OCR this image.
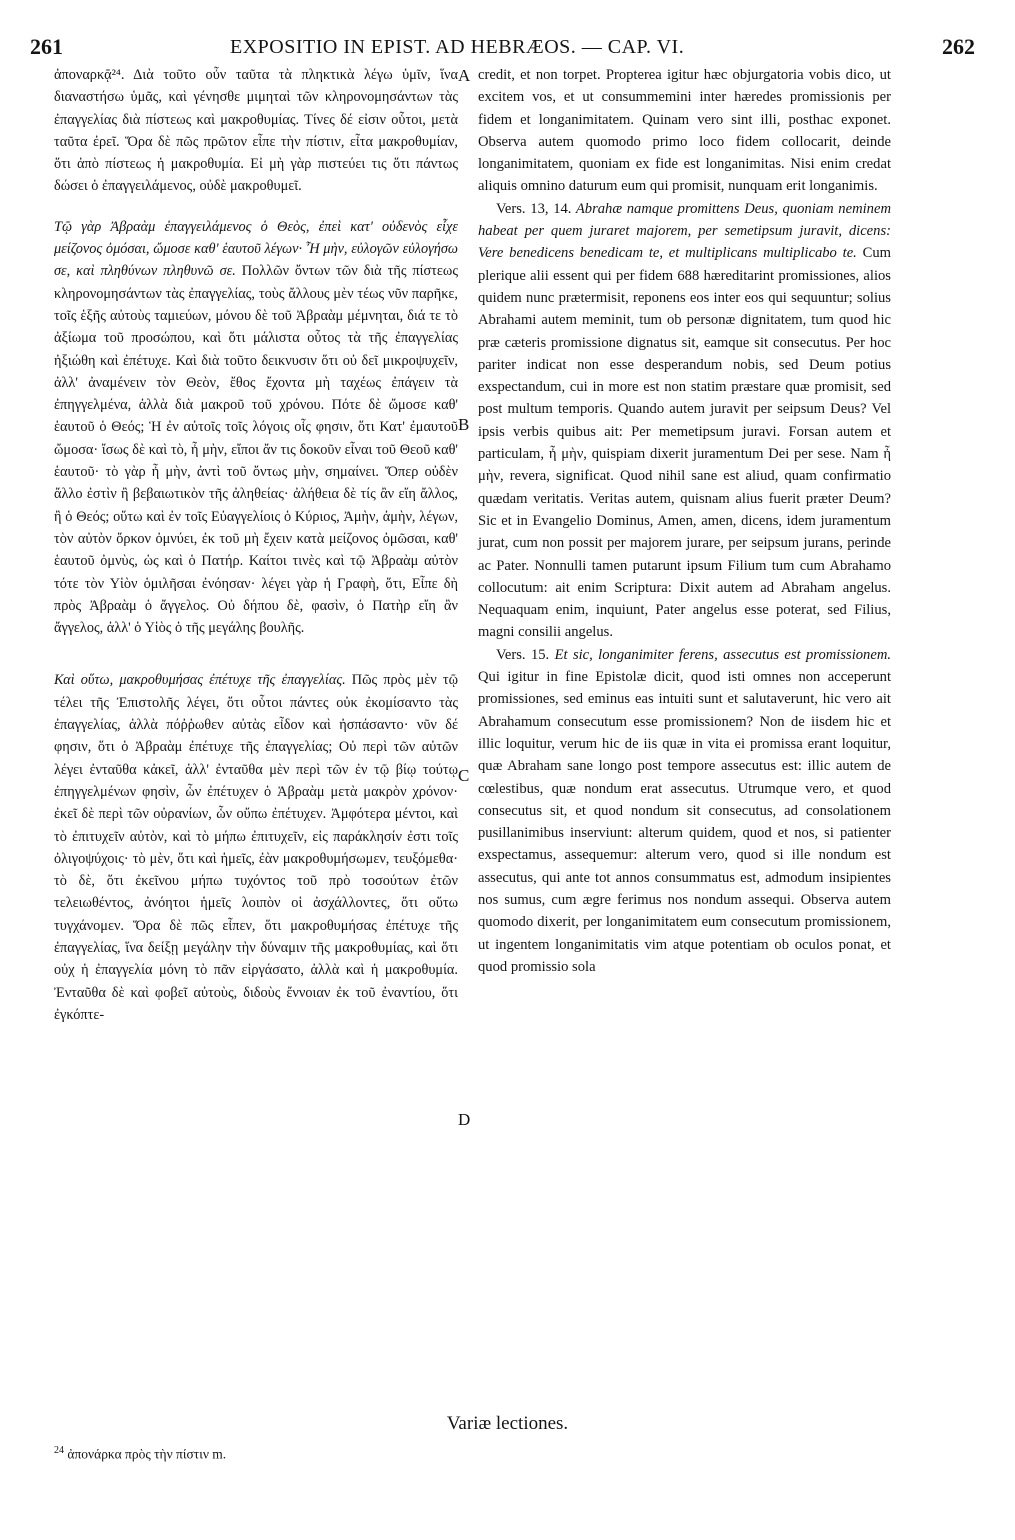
261	EXPOSITIO IN EPIST. AD HEBRÆOS. — CAP. VI.	262

ἀποναρκᾷ²⁴. Διὰ τοῦτο οὖν ταῦτα τὰ πληκτικὰ λέγω ὑμῖν, ἵνα διαναστήσω ὑμᾶς, καὶ γένησθε μιμηταὶ τῶν κληρονομησάντων τὰς ἐπαγγελίας διὰ πίστεως καὶ μακροθυμίας. Τίνες δέ εἰσιν οὗτοι, μετὰ ταῦτα ἐρεῖ. Ὅρα δὲ πῶς πρῶτον εἶπε τὴν πίστιν, εἶτα μακροθυμίαν, ὅτι ἀπὸ πίστεως ἡ μακροθυμία. Εἰ μὴ γὰρ πιστεύει τις ὅτι πάντως δώσει ὁ ἐπαγγειλάμενος, οὐδὲ μακροθυμεῖ.

Τῷ γὰρ Ἀβραὰμ ἐπαγγειλάμενος ὁ Θεὸς, ἐπεὶ κατ' οὐδενὸς εἶχε μείζονος ὀμόσαι, ὤμοσε καθ' ἑαυτοῦ λέγων· Ἦ μὴν, εὐλογῶν εὐλογήσω σε, καὶ πληθύνων πληθυνῶ σε. Πολλῶν ὄντων τῶν διὰ τῆς πίστεως κληρονομησάντων τὰς ἐπαγγελίας, τοὺς ἄλλους μὲν τέως νῦν παρῆκε, τοῖς ἑξῆς αὐτοὺς ταμιεύων, μόνου δὲ τοῦ Ἀβραὰμ μέμνηται, διά τε τὸ ἀξίωμα τοῦ προσώπου, καὶ ὅτι μάλιστα οὗτος τὰ τῆς ἐπαγγελίας ἠξιώθη καὶ ἐπέτυχε. Καὶ διὰ τοῦτο δεικνυσιν ὅτι οὐ δεῖ μικροψυχεῖν, ἀλλ' ἀναμένειν τὸν Θεὸν, ἔθος ἔχοντα μὴ ταχέως ἐπάγειν τὰ ἐπηγγελμένα, ἀλλὰ διὰ μακροῦ τοῦ χρόνου. Πότε δὲ ὤμοσε καθ' ἑαυτοῦ ὁ Θεός; Ἡ ἐν αὐτοῖς τοῖς λόγοις οἷς φησιν, ὅτι Κατ' ἐμαυτοῦ ὤμοσα· ἴσως δὲ καὶ τὸ, ἦ μὴν, εἴποι ἄν τις δοκοῦν εἶναι τοῦ Θεοῦ καθ' ἑαυτοῦ· τὸ γὰρ ἦ μὴν, ἀντὶ τοῦ ὄντως μὴν, σημαίνει. Ὅπερ οὐδὲν ἄλλο ἐστὶν ἢ βεβαιωτικὸν τῆς ἀληθείας· ἀλήθεια δὲ τίς ἂν εἴη ἄλλος, ἢ ὁ Θεός; οὕτω καὶ ἐν τοῖς Εὐαγγελίοις ὁ Κύριος, Ἀμὴν, ἀμὴν, λέγων, τὸν αὐτὸν ὅρκον ὀμνύει, ἐκ τοῦ μὴ ἔχειν κατὰ μείζονος ὀμῶσαι, καθ' ἑαυτοῦ ὀμνὺς, ὡς καὶ ὁ Πατήρ. Καίτοι τινὲς καὶ τῷ Ἀβραὰμ αὐτὸν τότε τὸν Υἱὸν ὁμιλῆσαι ἐνόησαν· λέγει γὰρ ἡ Γραφὴ, ὅτι, Εἶπε δὴ πρὸς Ἀβραὰμ ὁ ἄγγελος. Οὐ δήπου δὲ, φασὶν, ὁ Πατὴρ εἴη ἂν ἄγγελος, ἀλλ' ὁ Υἱὸς ὁ τῆς μεγάλης βουλῆς.

Καὶ οὕτω, μακροθυμήσας ἐπέτυχε τῆς ἐπαγγελίας. Πῶς πρὸς μὲν τῷ τέλει τῆς Ἐπιστολῆς λέγει, ὅτι οὗτοι πάντες οὐκ ἐκομίσαντο τὰς ἐπαγγελίας, ἀλλὰ πόῤῥωθεν αὐτὰς εἶδον καὶ ἠσπάσαντο· νῦν δέ φησιν, ὅτι ὁ Ἀβραὰμ ἐπέτυχε τῆς ἐπαγγελίας; Οὐ περὶ τῶν αὐτῶν λέγει ἐνταῦθα κἀκεῖ, ἀλλ' ἐνταῦθα μὲν περὶ τῶν ἐν τῷ βίῳ τούτῳ ἐπηγγελμένων φησὶν, ὧν ἐπέτυχεν ὁ Ἀβραὰμ μετὰ μακρὸν χρόνον· ἐκεῖ δὲ περὶ τῶν οὐρανίων, ὧν οὔπω ἐπέτυχεν. Ἀμφότερα μέντοι, καὶ τὸ ἐπιτυχεῖν αὐτὸν, καὶ τὸ μήπω ἐπιτυχεῖν, εἰς παράκλησίν ἐστι τοῖς ὀλιγοψύχοις· τὸ μὲν, ὅτι καὶ ἡμεῖς, ἐὰν μακροθυμήσωμεν, τευξόμεθα· τὸ δὲ, ὅτι ἐκεῖνου μήπω τυχόντος τοῦ πρὸ τοσούτων ἐτῶν τελειωθέντος, ἀνόητοι ἡμεῖς λοιπὸν οἱ ἀσχάλλοντες, ὅτι οὕτω τυγχάνομεν. Ὅρα δὲ πῶς εἶπεν, ὅτι μακροθυμήσας ἐπέτυχε τῆς ἐπαγγελίας, ἵνα δείξῃ μεγάλην τὴν δύναμιν τῆς μακροθυμίας, καὶ ὅτι οὐχ ἡ ἐπαγγελία μόνη τὸ πᾶν εἰργάσατο, ἀλλὰ καὶ ἡ μακροθυμία. Ἐνταῦθα δὲ καὶ φοβεῖ αὐτοὺς, διδοὺς ἔννοιαν ἐκ τοῦ ἐναντίου, ὅτι ἐγκόπτε-

A
B
C
D

credit, et non torpet. Propterea igitur hæc objurgatoria vobis dico, ut excitem vos, et ut consummemini inter hæredes promissionis per fidem et longanimitatem. Quinam vero sint illi, posthac exponet. Observa autem quomodo primo loco fidem collocarit, deinde longanimitatem, quoniam ex fide est longanimitas. Nisi enim credat aliquis omnino daturum eum qui promisit, nunquam erit longanimis.

Vers. 13, 14. Abrahæ namque promittens Deus, quoniam neminem habeat per quem juraret majorem, per semetipsum juravit, dicens: Vere benedicens benedicam te, et multiplicans multiplicabo te. Cum plerique alii essent qui per fidem 688 hæreditarint promissiones, alios quidem nunc prætermisit, reponens eos inter eos qui sequuntur; solius Abrahami autem meminit, tum ob personæ dignitatem, tum quod hic præ cæteris promissione dignatus sit, eamque sit consecutus. Per hoc pariter indicat non esse desperandum nobis, sed Deum potius exspectandum, cui in more est non statim præstare quæ promisit, sed post multum temporis. Quando autem juravit per seipsum Deus? Vel ipsis verbis quibus ait: Per memetipsum juravi. Forsan autem et particulam, ἦ μὴν, quispiam dixerit juramentum Dei per sese. Nam ἦ μὴν, revera, significat. Quod nihil sane est aliud, quam confirmatio quædam veritatis. Veritas autem, quisnam alius fuerit præter Deum? Sic et in Evangelio Dominus, Amen, amen, dicens, idem juramentum jurat, cum non possit per majorem jurare, per seipsum jurans, perinde ac Pater. Nonnulli tamen putarunt ipsum Filium tum cum Abrahamo collocutum: ait enim Scriptura: Dixit autem ad Abraham angelus. Nequaquam enim, inquiunt, Pater angelus esse poterat, sed Filius, magni consilii angelus.

Vers. 15. Et sic, longanimiter ferens, assecutus est promissionem. Qui igitur in fine Epistolæ dicit, quod isti omnes non acceperunt promissiones, sed eminus eas intuiti sunt et salutaverunt, hic vero ait Abrahamum consecutum esse promissionem? Non de iisdem hic et illic loquitur, verum hic de iis quæ in vita ei promissa erant loquitur, quæ Abraham sane longo post tempore assecutus est: illic autem de cœlestibus, quæ nondum erat assecutus. Utrumque vero, et quod consecutus sit, et quod nondum sit consecutus, ad consolationem pusillanimibus inserviunt: alterum quidem, quod et nos, si patienter exspectamus, assequemur: alterum vero, quod si ille nondum est assecutus, qui ante tot annos consummatus est, admodum insipientes nos sumus, cum ægre ferimus nos nondum assequi. Observa autem quomodo dixerit, per longanimitatem eum consecutum promissionem, ut ingentem longanimitatis vim atque potentiam ob oculos ponat, et quod promissio sola

Variæ lectiones.
$^{24}$ ἀπονάρκα πρὸς τὴν πίστιν m.
